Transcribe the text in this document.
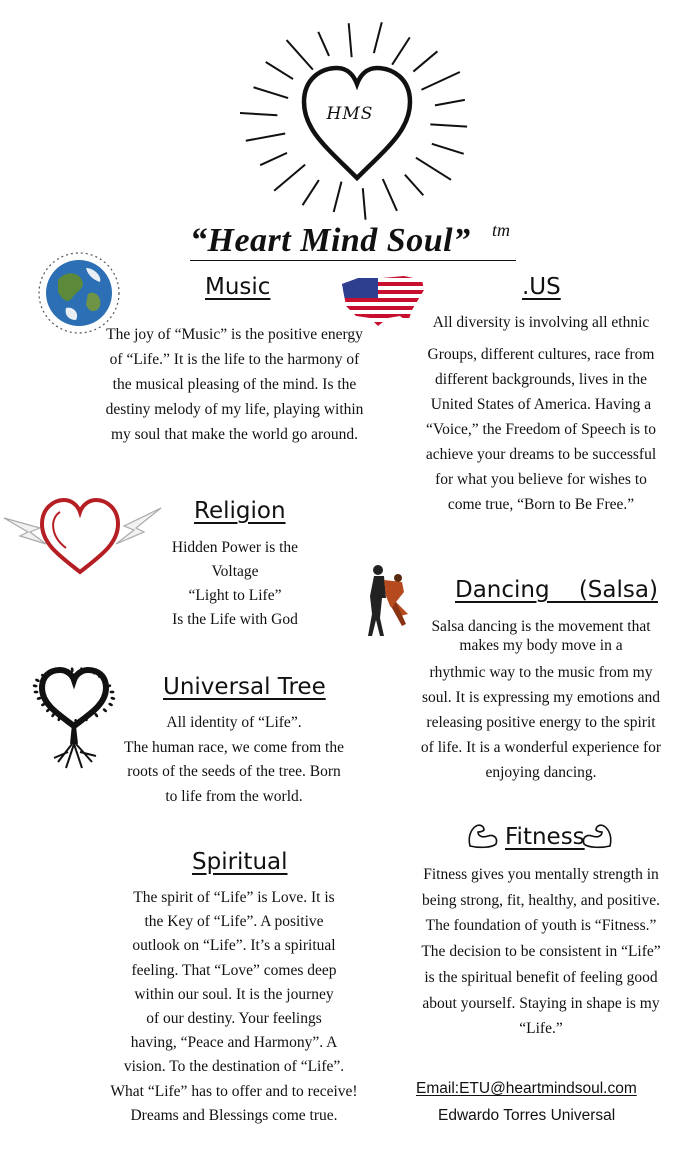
HMS
“Heart Mind Soul” tm
Music
The joy of “Music” is the positive energy
of “Life.” It is the life to the harmony of
the musical pleasing of the mind. Is the
destiny melody of my life, playing within
my soul that make the world go around.
.US
All diversity is involving all ethnic
Groups, different cultures, race from
different backgrounds, lives in the
United States of America. Having a
“Voice,” the Freedom of Speech is to
achieve your dreams to be successful
for what you believe for wishes to
come true, “Born to Be Free.”
Religion
Hidden Power is the
Voltage
“Light to Life”
Is the Life with God
Dancing    (Salsa)
Salsa dancing is the movement that
makes my body move in a
rhythmic way to the music from my
soul. It is expressing my emotions and
releasing positive energy to the spirit
of life. It is a wonderful experience for
enjoying dancing.
Universal Tree
All identity of “Life”.
The human race, we come from the
roots of the seeds of the tree. Born
to life from the world.
Fitness
Fitness gives you mentally strength in
being strong, fit, healthy, and positive.
The foundation of youth is “Fitness.”
The decision to be consistent in “Life”
is the spiritual benefit of feeling good
about yourself. Staying in shape is my
“Life.”
Spiritual
The spirit of “Life” is Love. It is
the Key of “Life”. A positive
outlook on “Life”. It’s a spiritual
feeling. That “Love” comes deep
within our soul. It is the journey
of our destiny. Your feelings
having, “Peace and Harmony”. A
vision. To the destination of “Life”.
What “Life” has to offer and to receive!
Dreams and Blessings come true.
Email:ETU@heartmindsoul.com
Edwardo Torres Universal
